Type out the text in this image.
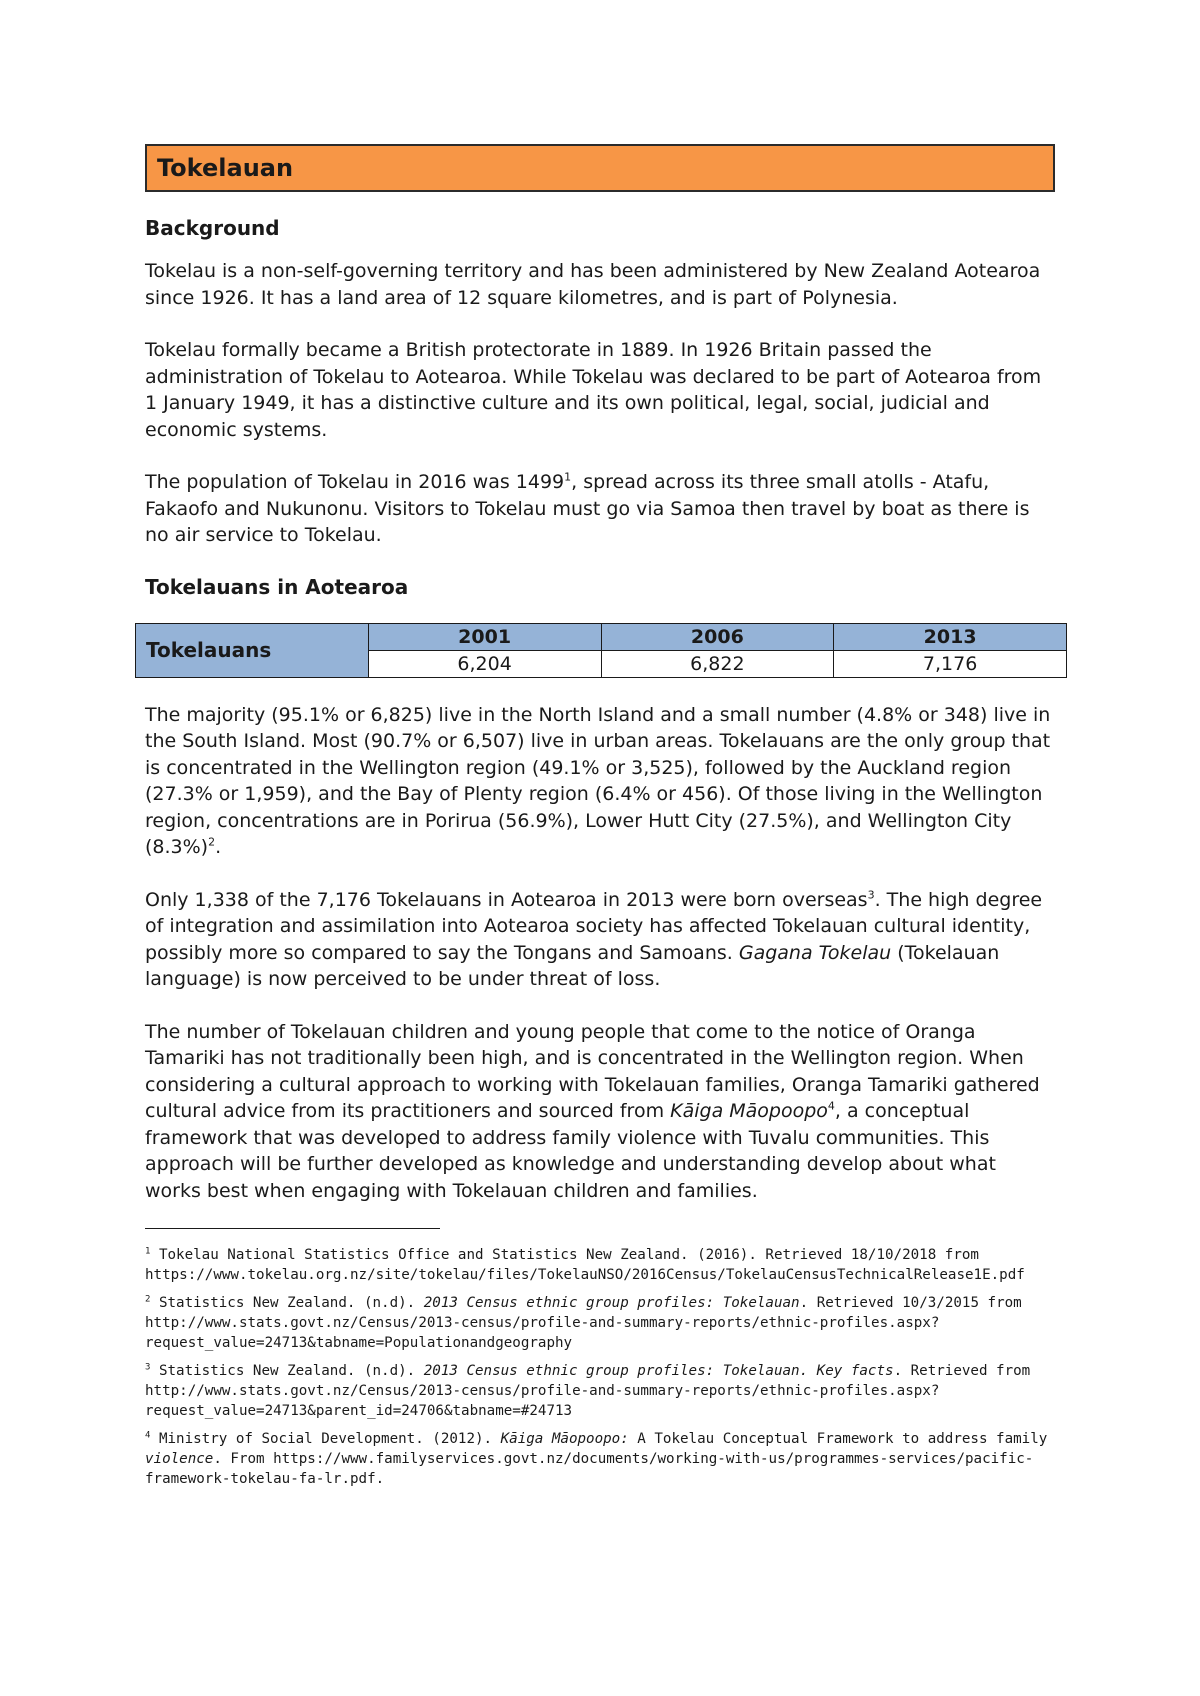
Tokelauan
Background

Tokelau is a non-self-governing territory and has been administered by New Zealand Aotearoa since 1926. It has a land area of 12 square kilometres, and is part of Polynesia.

Tokelau formally became a British protectorate in 1889. In 1926 Britain passed the administration of Tokelau to Aotearoa. While Tokelau was declared to be part of Aotearoa from 1 January 1949, it has a distinctive culture and its own political, legal, social, judicial and economic systems.

The population of Tokelau in 2016 was 1499$^1$, spread across its three small atolls - Atafu, Fakaofo and Nukunonu. Visitors to Tokelau must go via Samoa then travel by boat as there is no air service to Tokelau.

Tokelauans in Aotearoa
Tokelauans	2001	2006	2013
	6,204	6,822	7,176

The majority (95.1% or 6,825) live in the North Island and a small number (4.8% or 348) live in the South Island. Most (90.7% or 6,507) live in urban areas. Tokelauans are the only group that is concentrated in the Wellington region (49.1% or 3,525), followed by the Auckland region (27.3% or 1,959), and the Bay of Plenty region (6.4% or 456). Of those living in the Wellington region, concentrations are in Porirua (56.9%), Lower Hutt City (27.5%), and Wellington City $(8.3\%)^2$.

Only 1,338 of the 7,176 Tokelauans in Aotearoa in 2013 were born overseas$^3$. The high degree of integration and assimilation into Aotearoa society has affected Tokelauan cultural identity, possibly more so compared to say the Tongans and Samoans. Gagana Tokelau (Tokelauan language) is now perceived to be under threat of loss.

The number of Tokelauan children and young people that come to the notice of Oranga Tamariki has not traditionally been high, and is concentrated in the Wellington region. When considering a cultural approach to working with Tokelauan families, Oranga Tamariki gathered cultural advice from its practitioners and sourced from Kāiga Māopoopo$^4$, a conceptual framework that was developed to address family violence with Tuvalu communities. This approach will be further developed as knowledge and understanding develop about what works best when engaging with Tokelauan children and families.

$^1$ Tokelau National Statistics Office and Statistics New Zealand. (2016). Retrieved 18/10/2018 from https://www.tokelau.org.nz/site/tokelau/files/TokelauNSO/2016Census/TokelauCensusTechnicalRelease1E.pdf

$^2$ Statistics New Zealand. (n.d). 2013 Census ethnic group profiles: Tokelauan. Retrieved 10/3/2015 from http://www.stats.govt.nz/Census/2013-census/profile-and-summary-reports/ethnic-profiles.aspx?request_value=24713&tabname=Populationandgeography

$^3$ Statistics New Zealand. (n.d). 2013 Census ethnic group profiles: Tokelauan. Key facts. Retrieved from http://www.stats.govt.nz/Census/2013-census/profile-and-summary-reports/ethnic-profiles.aspx?request_value=24713&parent_id=24706&tabname=#24713

$^4$ Ministry of Social Development. (2012). Kāiga Māopoopo: A Tokelau Conceptual Framework to address family violence. From https://www.familyservices.govt.nz/documents/working-with-us/programmes-services/pacific-framework-tokelau-fa-lr.pdf.
